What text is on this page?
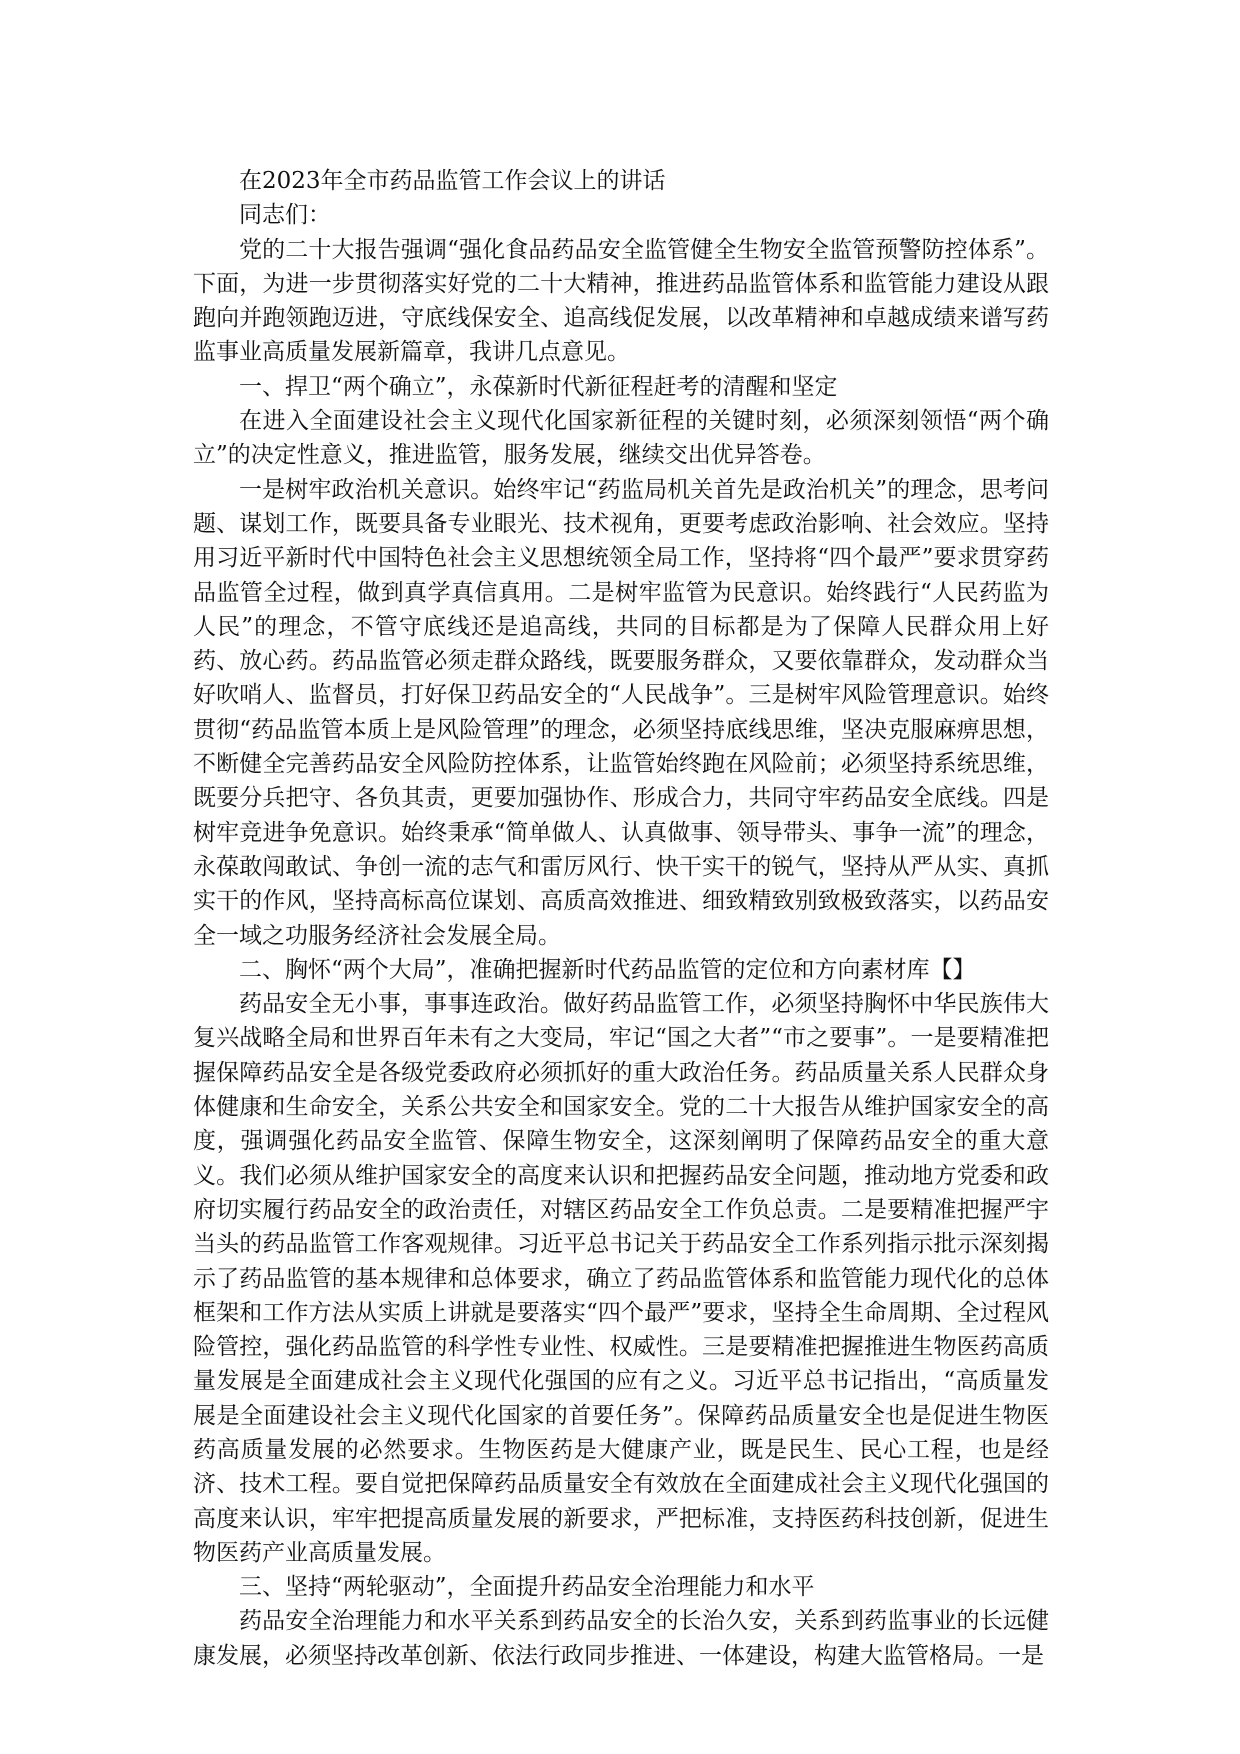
在2023年全市药品监管工作会议上的讲话

同志们：

党的二十大报告强调“强化食品药品安全监管健全生物安全监管预警防控体系”。下面，为进一步贯彻落实好党的二十大精神，推进药品监管体系和监管能力建设从跟跑向并跑领跑迈进，守底线保安全、追高线促发展，以改革精神和卓越成绩来谱写药监事业高质量发展新篇章，我讲几点意见。

一、捍卫“两个确立”，永葆新时代新征程赶考的清醒和坚定

在进入全面建设社会主义现代化国家新征程的关键时刻，必须深刻领悟“两个确立”的决定性意义，推进监管，服务发展，继续交出优异答卷。

一是树牢政治机关意识。始终牢记“药监局机关首先是政治机关”的理念，思考问题、谋划工作，既要具备专业眼光、技术视角，更要考虑政治影响、社会效应。坚持用习近平新时代中国特色社会主义思想统领全局工作，坚持将“四个最严”要求贯穿药品监管全过程，做到真学真信真用。二是树牢监管为民意识。始终践行“人民药监为人民”的理念，不管守底线还是追高线，共同的目标都是为了保障人民群众用上好药、放心药。药品监管必须走群众路线，既要服务群众，又要依靠群众，发动群众当好吹哨人、监督员，打好保卫药品安全的“人民战争”。三是树牢风险管理意识。始终贯彻“药品监管本质上是风险管理”的理念，必须坚持底线思维，坚决克服麻痹思想，不断健全完善药品安全风险防控体系，让监管始终跑在风险前；必须坚持系统思维，既要分兵把守、各负其责，更要加强协作、形成合力，共同守牢药品安全底线。四是树牢竞进争免意识。始终秉承“简单做人、认真做事、领导带头、事争一流”的理念，永葆敢闯敢试、争创一流的志气和雷厉风行、快干实干的锐气，坚持从严从实、真抓实干的作风，坚持高标高位谋划、高质高效推进、细致精致别致极致落实，以药品安全一域之功服务经济社会发展全局。

二、胸怀“两个大局”，准确把握新时代药品监管的定位和方向素材库【】

药品安全无小事，事事连政治。做好药品监管工作，必须坚持胸怀中华民族伟大复兴战略全局和世界百年未有之大变局，牢记“国之大者”“市之要事”。一是要精准把握保障药品安全是各级党委政府必须抓好的重大政治任务。药品质量关系人民群众身体健康和生命安全，关系公共安全和国家安全。党的二十大报告从维护国家安全的高度，强调强化药品安全监管、保障生物安全，这深刻阐明了保障药品安全的重大意义。我们必须从维护国家安全的高度来认识和把握药品安全问题，推动地方党委和政府切实履行药品安全的政治责任，对辖区药品安全工作负总责。二是要精准把握严宇当头的药品监管工作客观规律。习近平总书记关于药品安全工作系列指示批示深刻揭示了药品监管的基本规律和总体要求，确立了药品监管体系和监管能力现代化的总体框架和工作方法从实质上讲就是要落实“四个最严”要求，坚持全生命周期、全过程风险管控，强化药品监管的科学性专业性、权威性。三是要精准把握推进生物医药高质量发展是全面建成社会主义现代化强国的应有之义。习近平总书记指出，“高质量发展是全面建设社会主义现代化国家的首要任务”。保障药品质量安全也是促进生物医药高质量发展的必然要求。生物医药是大健康产业，既是民生、民心工程，也是经济、技术工程。要自觉把保障药品质量安全有效放在全面建成社会主义现代化强国的高度来认识，牢牢把提高质量发展的新要求，严把标准，支持医药科技创新，促进生物医药产业高质量发展。

三、坚持“两轮驱动”，全面提升药品安全治理能力和水平

药品安全治理能力和水平关系到药品安全的长治久安，关系到药监事业的长远健康发展，必须坚持改革创新、依法行政同步推进、一体建设，构建大监管格局。一是
